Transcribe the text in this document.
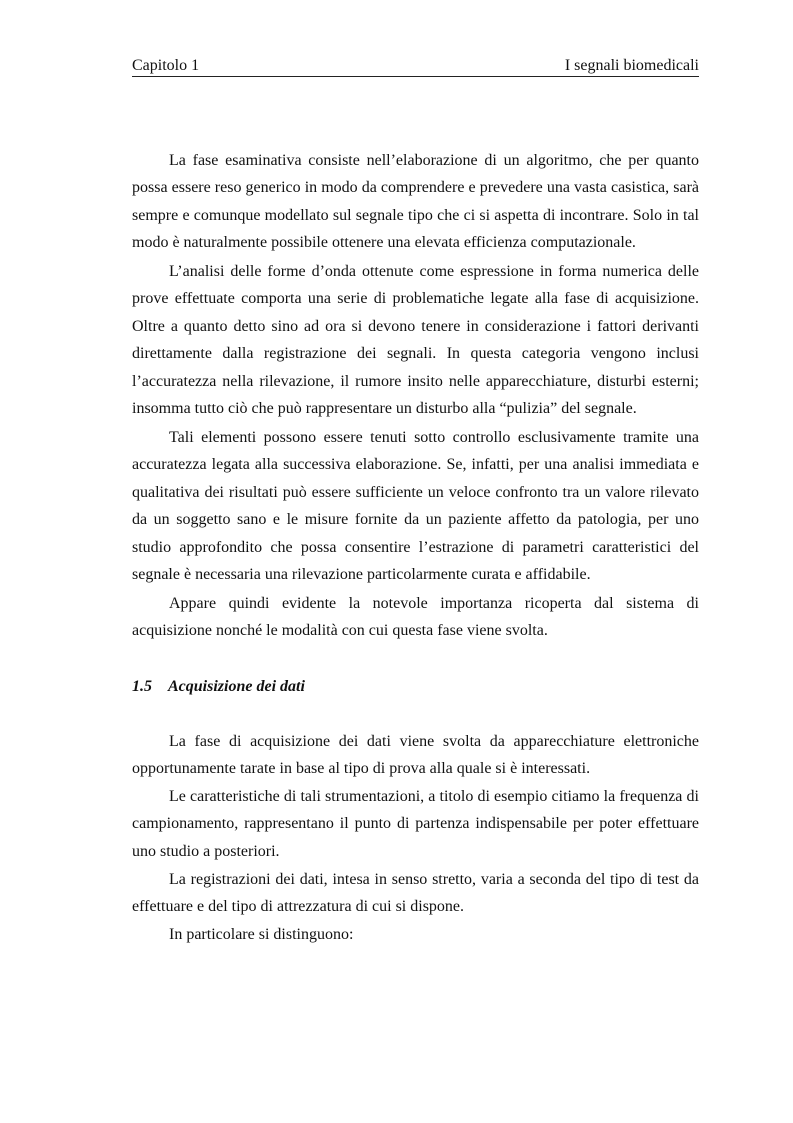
Capitolo 1	I segnali biomedicali

La fase esaminativa consiste nell’elaborazione di un algoritmo, che per quanto possa essere reso generico in modo da comprendere e prevedere una vasta casistica, sarà sempre e comunque modellato sul segnale tipo che ci si aspetta di incontrare. Solo in tal modo è naturalmente possibile ottenere una elevata efficienza computazionale.

L’analisi delle forme d’onda ottenute come espressione in forma numerica delle prove effettuate comporta una serie di problematiche legate alla fase di acquisizione. Oltre a quanto detto sino ad ora si devono tenere in considerazione i fattori derivanti direttamente dalla registrazione dei segnali. In questa categoria vengono inclusi l’accuratezza nella rilevazione, il rumore insito nelle apparecchiature, disturbi esterni; insomma tutto ciò che può rappresentare un disturbo alla “pulizia” del segnale.

Tali elementi possono essere tenuti sotto controllo esclusivamente tramite una accuratezza legata alla successiva elaborazione. Se, infatti, per una analisi immediata e qualitativa dei risultati può essere sufficiente un veloce confronto tra un valore rilevato da un soggetto sano e le misure fornite da un paziente affetto da patologia, per uno studio approfondito che possa consentire l’estrazione di parametri caratteristici del segnale è necessaria una rilevazione particolarmente curata e affidabile.

Appare quindi evidente la notevole importanza ricoperta dal sistema di acquisizione nonché le modalità con cui questa fase viene svolta.

1.5 Acquisizione dei dati

La fase di acquisizione dei dati viene svolta da apparecchiature elettroniche opportunamente tarate in base al tipo di prova alla quale si è interessati.

Le caratteristiche di tali strumentazioni, a titolo di esempio citiamo la frequenza di campionamento, rappresentano il punto di partenza indispensabile per poter effettuare uno studio a posteriori.

La registrazioni dei dati, intesa in senso stretto, varia a seconda del tipo di test da effettuare e del tipo di attrezzatura di cui si dispone.

In particolare si distinguono:
